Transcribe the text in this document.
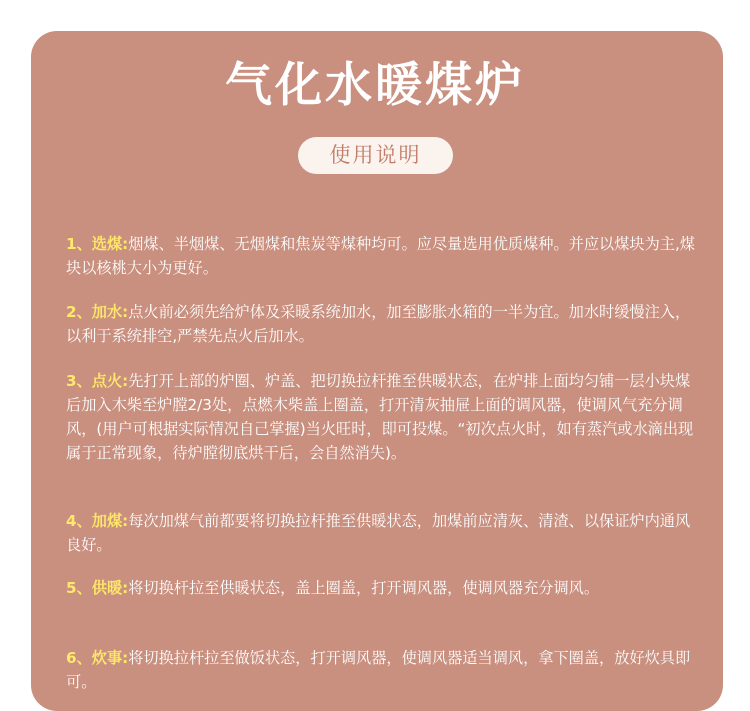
气化水暖煤炉
使用说明
1、选煤:烟煤、半烟煤、无烟煤和焦炭等煤种均可。应尽量选用优质煤种。并应以煤块为主,煤块以核桃大小为更好。
2、加水:点火前必须先给炉体及采暖系统加水，加至膨胀水箱的一半为宜。加水时缓慢注入，以利于系统排空,严禁先点火后加水。
3、点火:先打开上部的炉圈、炉盖、把切换拉杆推至供暖状态，在炉排上面均匀铺一层小块煤后加入木柴至炉膛2/3处，点燃木柴盖上圈盖，打开清灰抽屉上面的调风器，使调风气充分调风，(用户可根据实际情况自己掌握)当火旺时，即可投煤。“初次点火时，如有蒸汽或水滴出现属于正常现象，待炉膛彻底烘干后，会自然消失)。
4、加煤:每次加煤气前都要将切换拉杆推至供暖状态，加煤前应清灰、清渣、以保证炉内通风良好。
5、供暖:将切换杆拉至供暖状态，盖上圈盖，打开调风器，使调风器充分调风。
6、炊事:将切换拉杆拉至做饭状态，打开调风器，使调风器适当调风，拿下圈盖，放好炊具即可。
